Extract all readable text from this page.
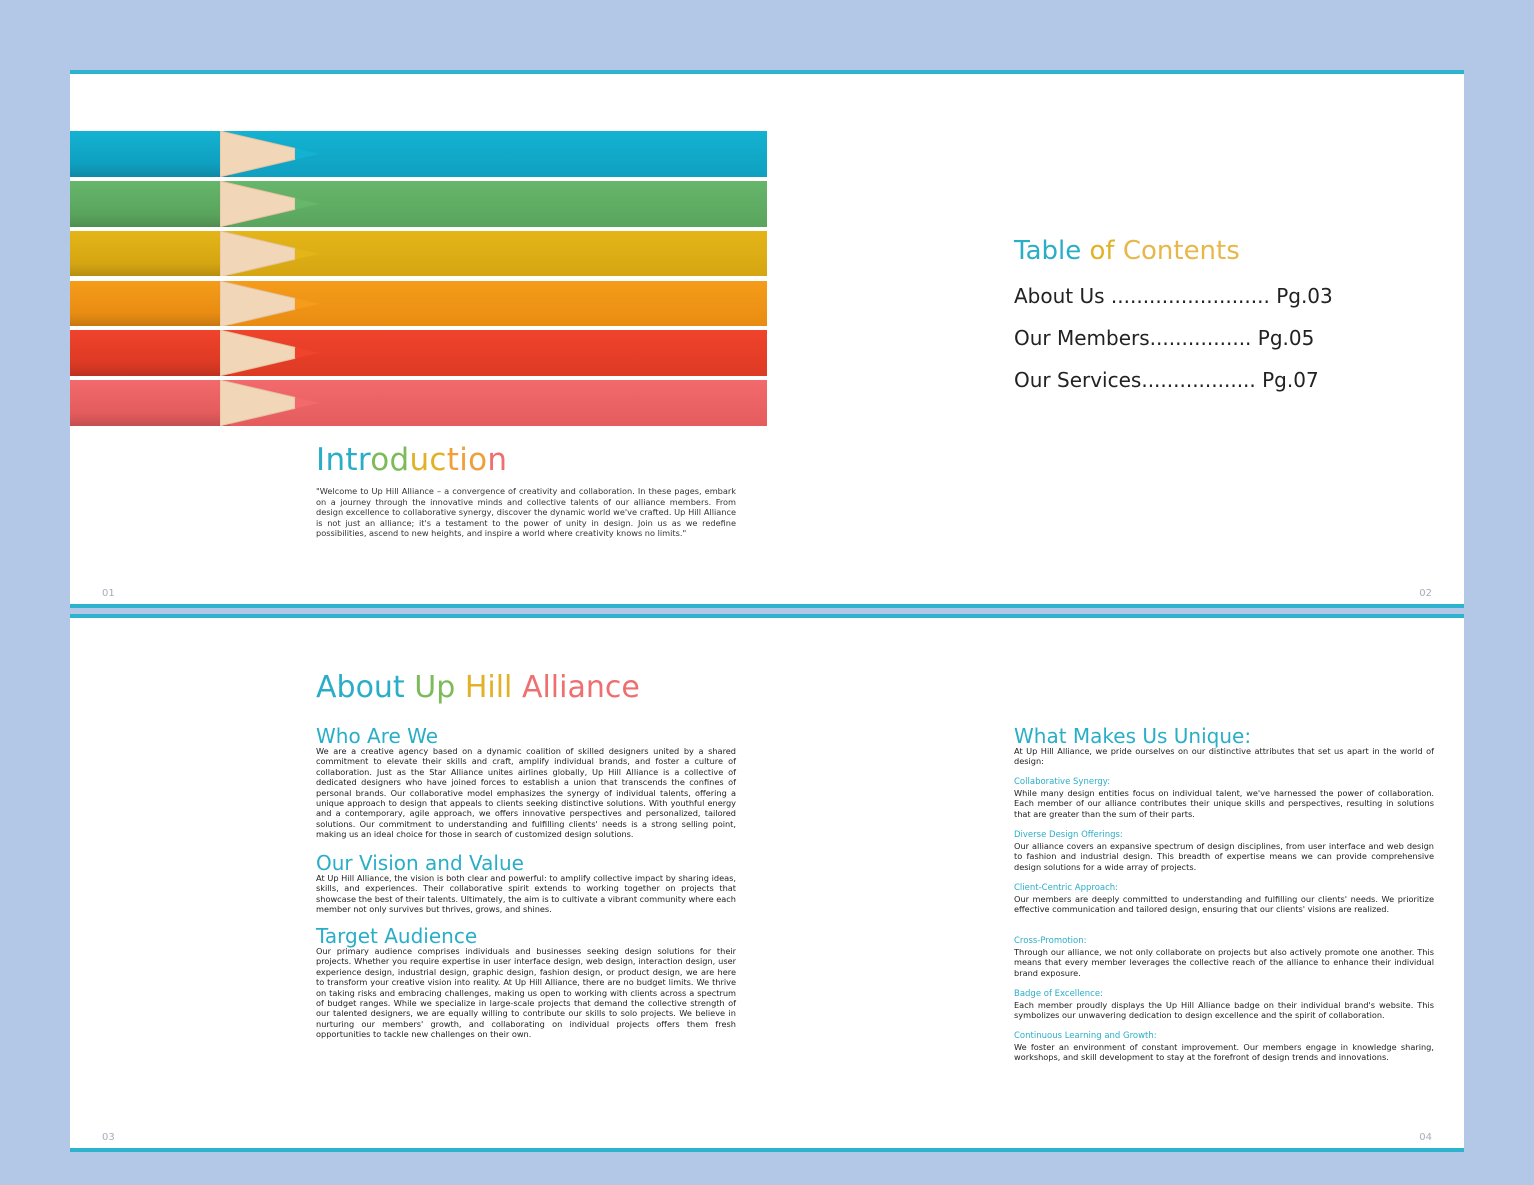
Introduction

"Welcome to Up Hill Alliance – a convergence of creativity and collaboration. In these pages, embark on a journey through the innovative minds and collective talents of our alliance members. From design excellence to collaborative synergy, discover the dynamic world we've crafted. Up Hill Alliance is not just an alliance; it's a testament to the power of unity in design. Join us as we redefine possibilities, ascend to new heights, and inspire a world where creativity knows no limits."

Table of Contents

About Us ......................... Pg.03

Our Members................ Pg.05

Our Services.................. Pg.07

01	02
About Up Hill Alliance
Who Are We

We are a creative agency based on a dynamic coalition of skilled designers united by a shared commitment to elevate their skills and craft, amplify individual brands, and foster a culture of collaboration. Just as the Star Alliance unites airlines globally, Up Hill Alliance is a collective of dedicated designers who have joined forces to establish a union that transcends the confines of personal brands. Our collaborative model emphasizes the synergy of individual talents, offering a unique approach to design that appeals to clients seeking distinctive solutions. With youthful energy and a contemporary, agile approach, we offers innovative perspectives and personalized, tailored solutions. Our commitment to understanding and fulfilling clients' needs is a strong selling point, making us an ideal choice for those in search of customized design solutions.

Our Vision and Value

At Up Hill Alliance, the vision is both clear and powerful: to amplify collective impact by sharing ideas, skills, and experiences. Their collaborative spirit extends to working together on projects that showcase the best of their talents. Ultimately, the aim is to cultivate a vibrant community where each member not only survives but thrives, grows, and shines.

Target Audience

Our primary audience comprises individuals and businesses seeking design solutions for their projects. Whether you require expertise in user interface design, web design, interaction design, user experience design, industrial design, graphic design, fashion design, or product design, we are here to transform your creative vision into reality. At Up Hill Alliance, there are no budget limits. We thrive on taking risks and embracing challenges, making us open to working with clients across a spectrum of budget ranges. While we specialize in large-scale projects that demand the collective strength of our talented designers, we are equally willing to contribute our skills to solo projects. We believe in nurturing our members' growth, and collaborating on individual projects offers them fresh opportunities to tackle new challenges on their own.

What Makes Us Unique:

At Up Hill Alliance, we pride ourselves on our distinctive attributes that set us apart in the world of design:

Collaborative Synergy:

While many design entities focus on individual talent, we've harnessed the power of collaboration. Each member of our alliance contributes their unique skills and perspectives, resulting in solutions that are greater than the sum of their parts.

Diverse Design Offerings:

Our alliance covers an expansive spectrum of design disciplines, from user interface and web design to fashion and industrial design. This breadth of expertise means we can provide comprehensive design solutions for a wide array of projects.

Client-Centric Approach:

Our members are deeply committed to understanding and fulfilling our clients' needs. We prioritize effective communication and tailored design, ensuring that our clients' visions are realized.

Cross-Promotion:

Through our alliance, we not only collaborate on projects but also actively promote one another. This means that every member leverages the collective reach of the alliance to enhance their individual brand exposure.

Badge of Excellence:

Each member proudly displays the Up Hill Alliance badge on their individual brand's website. This symbolizes our unwavering dedication to design excellence and the spirit of collaboration.

Continuous Learning and Growth:

We foster an environment of constant improvement. Our members engage in knowledge sharing, workshops, and skill development to stay at the forefront of design trends and innovations.

03	04
